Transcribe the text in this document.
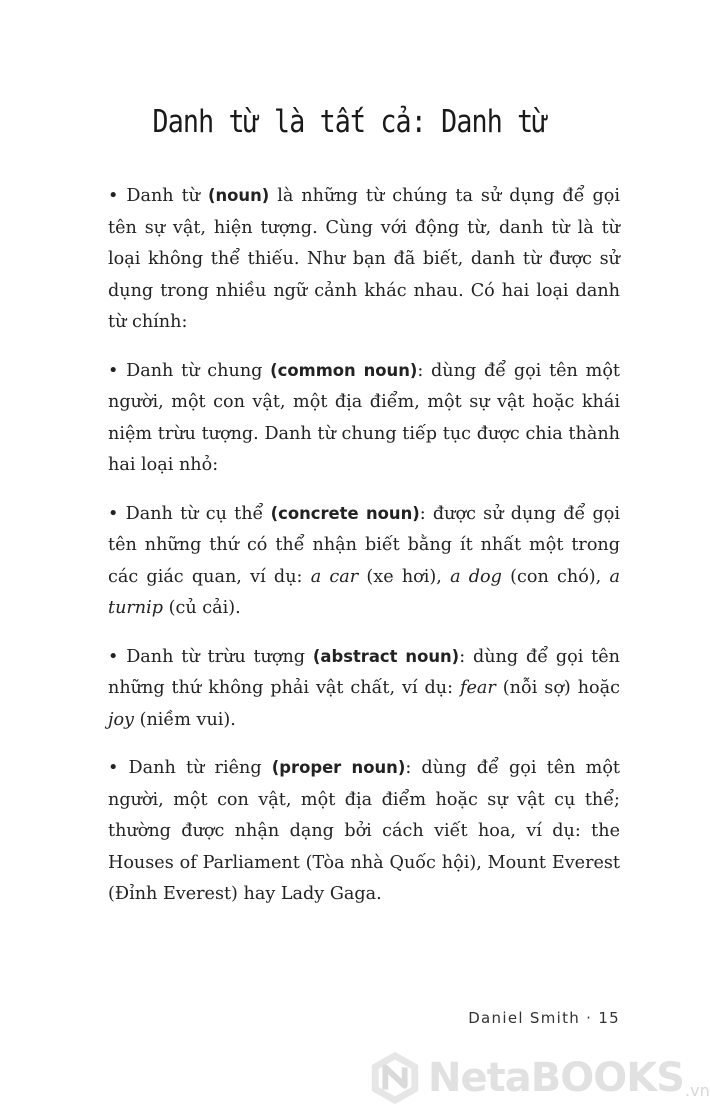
Danh từ là tất cả: Danh từ

• Danh từ (noun) là những từ chúng ta sử dụng để gọi tên sự vật, hiện tượng. Cùng với động từ, danh từ là từ loại không thể thiếu. Như bạn đã biết, danh từ được sử dụng trong nhiều ngữ cảnh khác nhau. Có hai loại danh từ chính:

• Danh từ chung (common noun): dùng để gọi tên một người, một con vật, một địa điểm, một sự vật hoặc khái niệm trừu tượng. Danh từ chung tiếp tục được chia thành hai loại nhỏ:

• Danh từ cụ thể (concrete noun): được sử dụng để gọi tên những thứ có thể nhận biết bằng ít nhất một trong các giác quan, ví dụ: a car (xe hơi), a dog (con chó), a turnip (củ cải).

• Danh từ trừu tượng (abstract noun): dùng để gọi tên những thứ không phải vật chất, ví dụ: fear (nỗi sợ) hoặc joy (niềm vui).

• Danh từ riêng (proper noun): dùng để gọi tên một người, một con vật, một địa điểm hoặc sự vật cụ thể; thường được nhận dạng bởi cách viết hoa, ví dụ: the Houses of Parliament (Tòa nhà Quốc hội), Mount Everest (Đỉnh Everest) hay Lady Gaga.

Daniel Smith · 15
NetaBOOKS .vn
